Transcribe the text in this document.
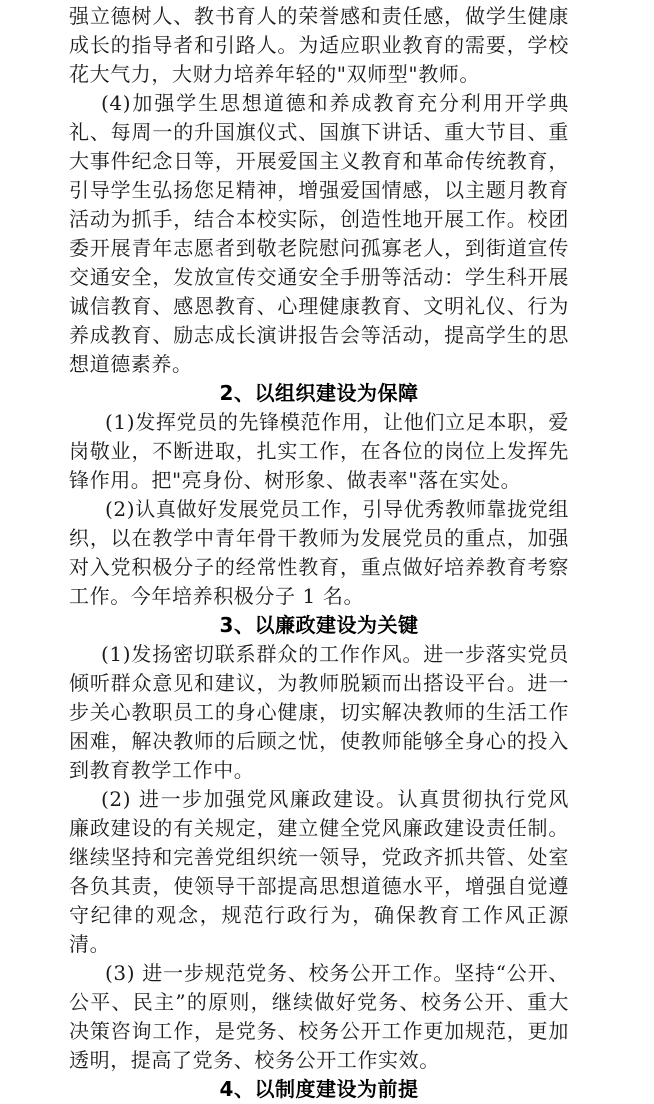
强立德树人、教书育人的荣誉感和责任感，做学生健康成长的指导者和引路人。为适应职业教育的需要，学校花大气力，大财力培养年轻的"双师型"教师。

(4)加强学生思想道德和养成教育充分利用开学典礼、每周一的升国旗仪式、国旗下讲话、重大节目、重大事件纪念日等，开展爱国主义教育和革命传统教育，引导学生弘扬您足精神，增强爱国情感，以主题月教育活动为抓手，结合本校实际，创造性地开展工作。校团委开展青年志愿者到敬老院慰问孤寡老人，到街道宣传交通安全，发放宣传交通安全手册等活动：学生科开展诚信教育、感恩教育、心理健康教育、文明礼仪、行为养成教育、励志成长演讲报告会等活动，提高学生的思想道德素养。

2、以组织建设为保障

(1)发挥党员的先锋模范作用，让他们立足本职，爱岗敬业，不断进取，扎实工作，在各位的岗位上发挥先锋作用。把"亮身份、树形象、做表率"落在实处。

(2)认真做好发展党员工作，引导优秀教师靠拢党组织，以在教学中青年骨干教师为发展党员的重点，加强对入党积极分子的经常性教育，重点做好培养教育考察工作。今年培养积极分子 1 名。

3、以廉政建设为关键

(1)发扬密切联系群众的工作作风。进一步落实党员倾听群众意见和建议，为教师脱颖而出搭设平台。进一步关心教职员工的身心健康，切实解决教师的生活工作困难，解决教师的后顾之忧，使教师能够全身心的投入到教育教学工作中。

(2) 进一步加强党风廉政建设。认真贯彻执行党风廉政建设的有关规定，建立健全党风廉政建设责任制。继续坚持和完善党组织统一领导，党政齐抓共管、处室各负其责，使领导干部提高思想道德水平，增强自觉遵守纪律的观念，规范行政行为，确保教育工作风正源清。

(3) 进一步规范党务、校务公开工作。坚持“公开、公平、民主”的原则，继续做好党务、校务公开、重大决策咨询工作，是党务、校务公开工作更加规范，更加透明，提高了党务、校务公开工作实效。

4、以制度建设为前提
